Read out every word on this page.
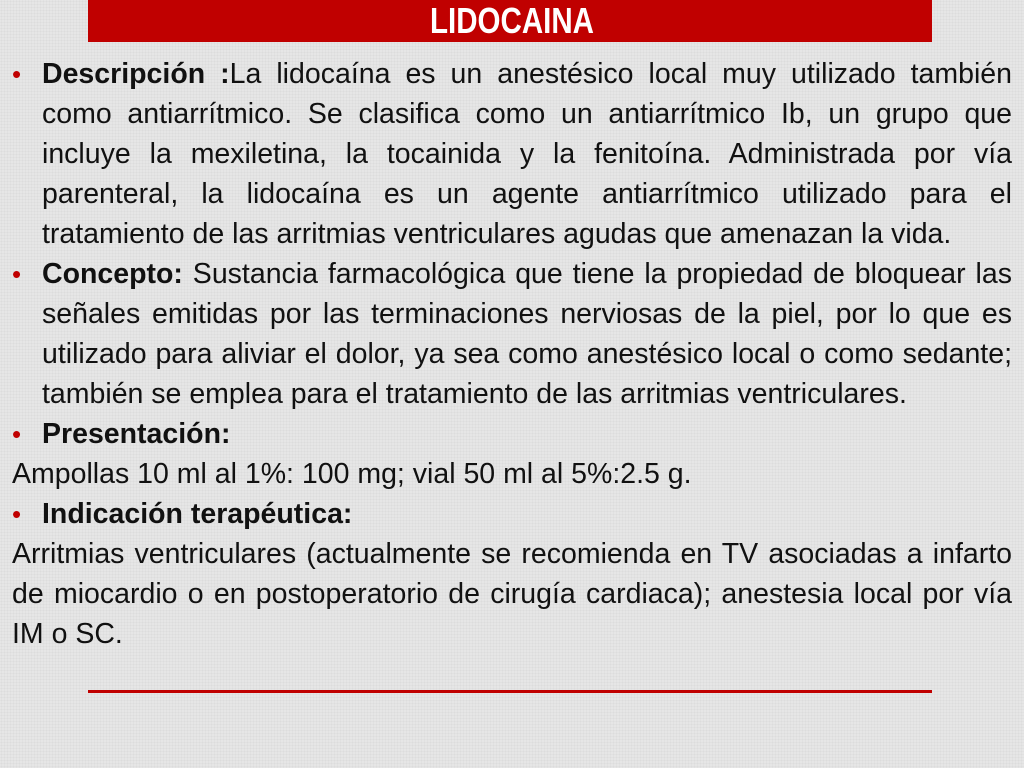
LIDOCAINA
• Descripción :La lidocaína es un anestésico local muy utilizado también como antiarrítmico. Se clasifica como un antiarrítmico Ib, un grupo que incluye la mexiletina, la tocainida y la fenitoína. Administrada por vía parenteral, la lidocaína es un agente antiarrítmico utilizado para el tratamiento de las arritmias ventriculares agudas que amenazan la vida.
• Concepto: Sustancia farmacológica que tiene la propiedad de bloquear las señales emitidas por las terminaciones nerviosas de la piel, por lo que es utilizado para aliviar el dolor, ya sea como anestésico local o como sedante; también se emplea para el tratamiento de las arritmias ventriculares.
• Presentación:
Ampollas 10 ml al 1%: 100 mg; vial 50 ml al 5%:2.5 g.
• Indicación terapéutica:
Arritmias ventriculares (actualmente se recomienda en TV asociadas a infarto de miocardio o en postoperatorio de cirugía cardiaca); anestesia local por vía IM o SC.
